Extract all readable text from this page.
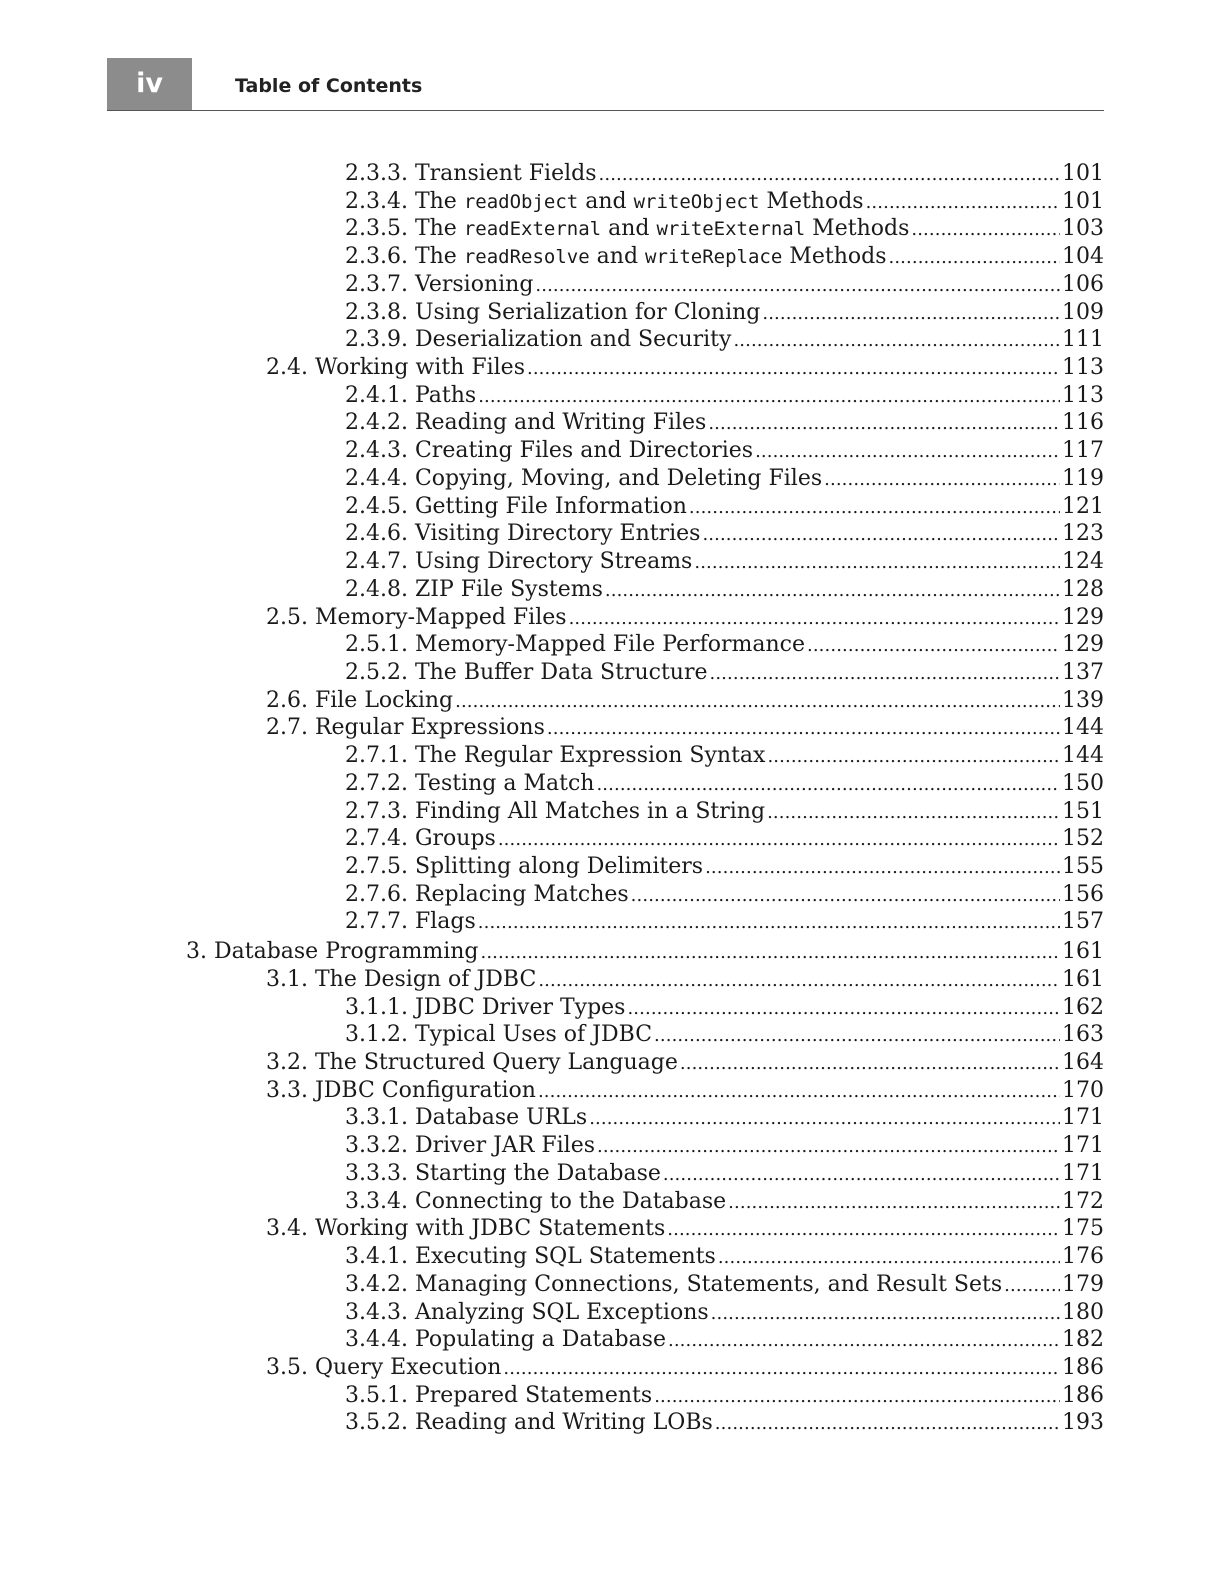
iv	Table of Contents
2.3.3. Transient Fields . . .	101
2.3.4. The readObject and writeObject Methods . . .	101
2.3.5. The readExternal and writeExternal Methods . . .	103
2.3.6. The readResolve and writeReplace Methods . . .	104
2.3.7. Versioning . . .	106
2.3.8. Using Serialization for Cloning . . .	109
2.3.9. Deserialization and Security . . .	111
2.4. Working with Files . . .	113
2.4.1. Paths . . .	113
2.4.2. Reading and Writing Files . . .	116
2.4.3. Creating Files and Directories . . .	117
2.4.4. Copying, Moving, and Deleting Files . . .	119
2.4.5. Getting File Information . . .	121
2.4.6. Visiting Directory Entries . . .	123
2.4.7. Using Directory Streams . . .	124
2.4.8. ZIP File Systems . . .	128
2.5. Memory-Mapped Files . . .	129
2.5.1. Memory-Mapped File Performance . . .	129
2.5.2. The Buffer Data Structure . . .	137
2.6. File Locking . . .	139
2.7. Regular Expressions . . .	144
2.7.1. The Regular Expression Syntax . . .	144
2.7.2. Testing a Match . . .	150
2.7.3. Finding All Matches in a String . . .	151
2.7.4. Groups . . .	152
2.7.5. Splitting along Delimiters . . .	155
2.7.6. Replacing Matches . . .	156
2.7.7. Flags . . .	157
3. Database Programming . . .	161
3.1. The Design of JDBC . . .	161
3.1.1. JDBC Driver Types . . .	162
3.1.2. Typical Uses of JDBC . . .	163
3.2. The Structured Query Language . . .	164
3.3. JDBC Configuration . . .	170
3.3.1. Database URLs . . .	171
3.3.2. Driver JAR Files . . .	171
3.3.3. Starting the Database . . .	171
3.3.4. Connecting to the Database . . .	172
3.4. Working with JDBC Statements . . .	175
3.4.1. Executing SQL Statements . . .	176
3.4.2. Managing Connections, Statements, and Result Sets . . .	179
3.4.3. Analyzing SQL Exceptions . . .	180
3.4.4. Populating a Database . . .	182
3.5. Query Execution . . .	186
3.5.1. Prepared Statements . . .	186
3.5.2. Reading and Writing LOBs . . .	193
